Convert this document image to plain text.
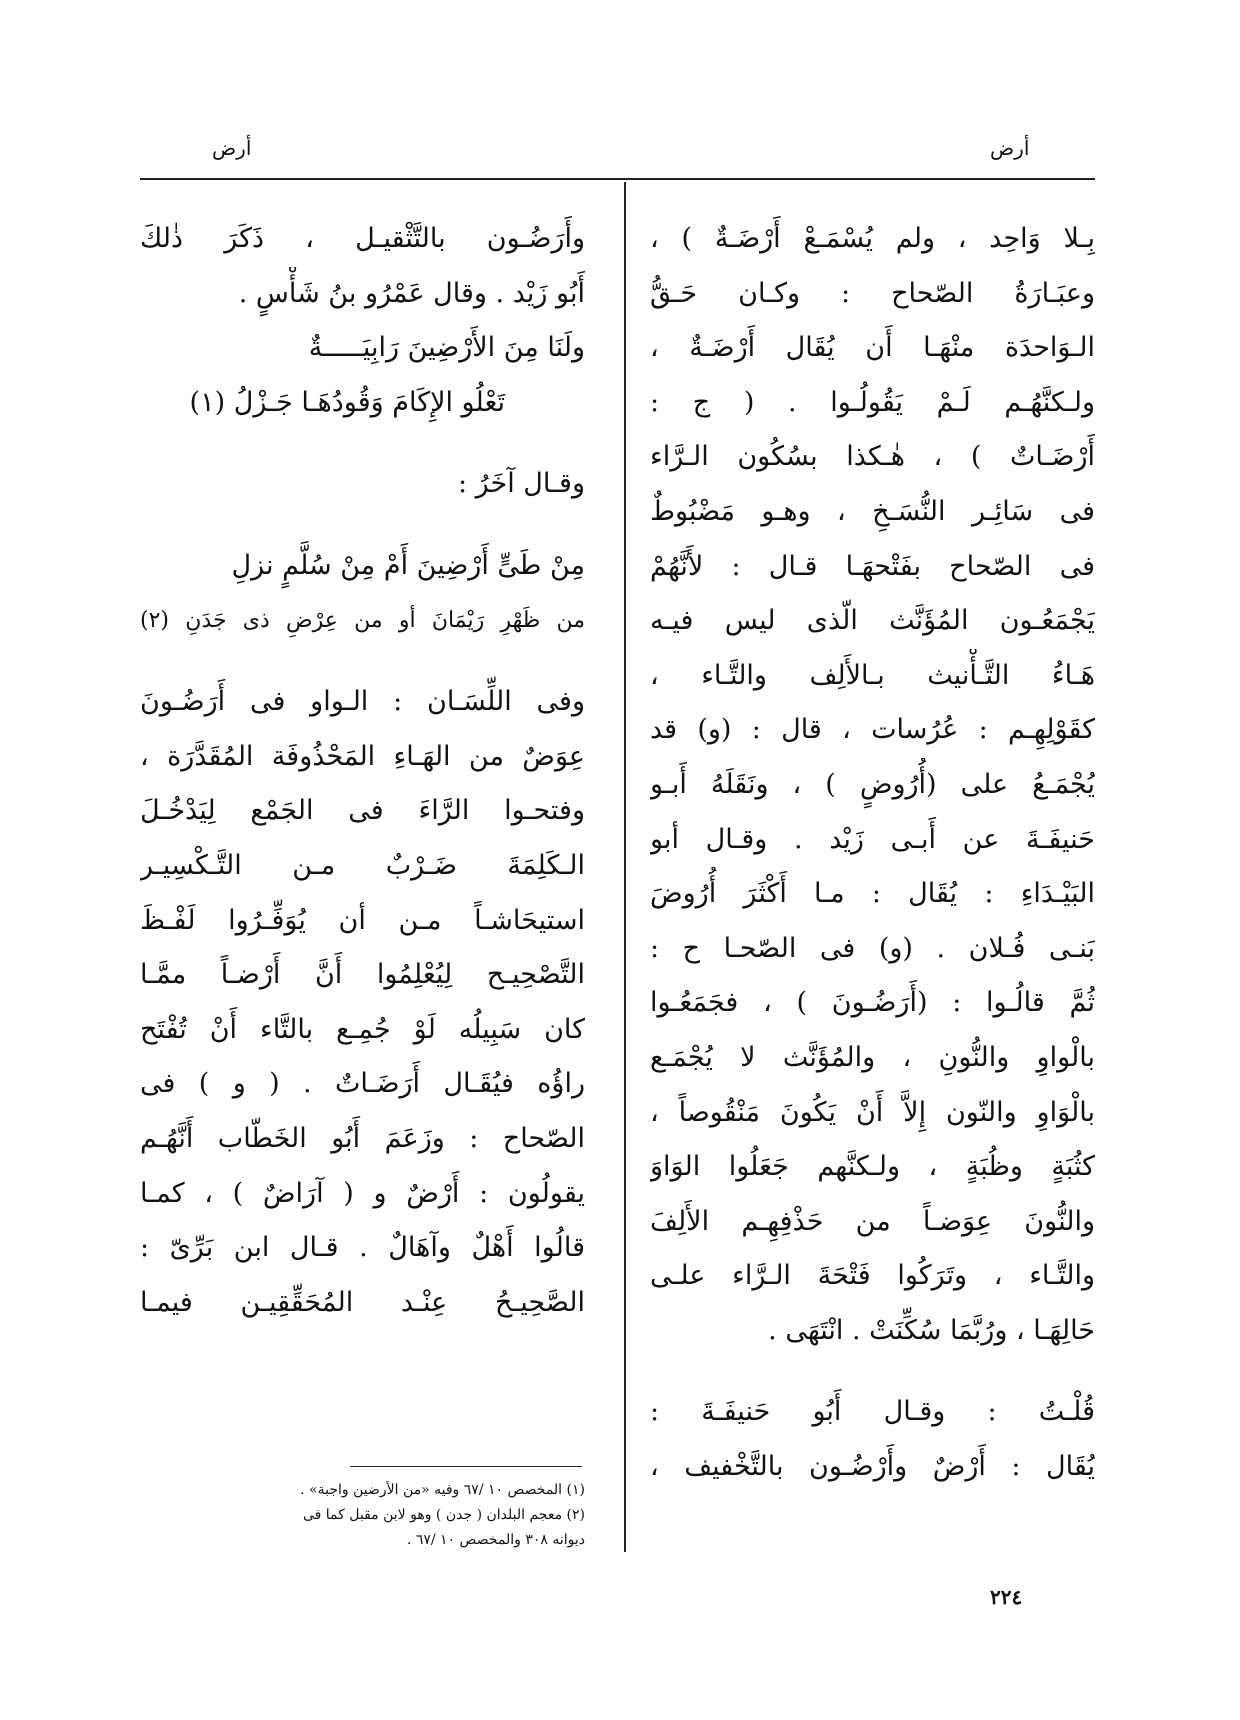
أرض
أرض
بِـلا وَاحِد ، ولم يُسْمَـعْ أَرْضَـةٌ ) ،
وعبَـارَةُ الصّحاح : وكـان حَـقُّ
الـوَاحدَة منْهَـا أَن يُقَال أَرْضَـةٌ ،
ولـكنَّهُـم لَـمْ يَقُولُـوا . ( ج :
أَرْضَـاتٌ ) ، هٰـكذا بسُكُون الـرَّاء
فى سَائِـر النُّسَـخِ ، وهـو مَضْبُوطٌ
فى الصّحاح بفَتْحهَـا قـال : لأَنَّهُمْ
يَجْمَعُـون المُؤَنَّث الّذى ليس فيـه
هَـاءُ التَّـأْنيث بـالأَلِف والتَّـاء ،
كقَوْلِهِـم : عُرُسات ، قال : (و) قد
يُجْمَـعُ على (أُرُوضٍ ) ، ونَقَلَهُ أَبـو
حَنيفَـةَ عن أَبـى زَيْد . وقـال أبو
البَيْـدَاءِ : يُقَال : مـا أَكْثَرَ أُرُوضَ
بَنـى فُـلان . (و) فى الصّحـا ح :
ثُمَّ قالُـوا : (أَرَضُـونَ ) ، فجَمَعُـوا
بالْواوِ والنُّونِ ، والمُؤَنَّث لا يُجْمَـع
بالْوَاوِ والنّون إِلاَّ أَنْ يَكُونَ مَنْقُوصاً ،
كثُبَةٍ وظُبَةٍ ، ولـكنَّهم جَعَلُوا الوَاوَ
والنُّونَ عِوَضـاً من حَذْفِهِـم الأَلِفَ
والتَّـاء ، وتَرَكُوا فَتْحَةَ الـرَّاء علـى
حَالِهَـا ، ورُبَّمَا سُكِّنَتْ . انْتَهَى .
قُلْـتُ : وقـال أَبُو حَنيفَـةَ :
يُقَال : أَرْضٌ وأَرْضُـون بالتَّخْفيف ،
وأَرَضُـون بالتَّثْقيـل ، ذَكَرَ ذٰلكَ
أَبُو زَيْد . وقال عَمْرُو بنُ شَأْسٍ .
ولَنَا مِنَ الأَرْضِينَ رَابِيَـــــةٌ
تَعْلُو الإِكَامَ وَقُودُهَـا جَـزْلُ (١)
وقـال آخَرُ :
مِنْ طَىٍّ أَرْضِينَ أَمْ مِنْ سُلَّمٍ نزلِ
من ظَهْرِ رَيْمَانَ أو من عِرْضِ ذى جَدَنِ (٢)
وفى اللِّسَـان : الـواو فى أَرَضُـونَ
عِوَضٌ من الهَـاءِ المَحْذُوفَة المُقَدَّرَة ،
وفتحـوا الرَّاءَ فى الجَمْع لِيَدْخُـلَ
الـكَلِمَةَ ضَـرْبٌ مـن التَّـكْسِيـر
استيحَاشـاً مـن أن يُوَفِّـرُوا لَفْـظَ
التَّصْحِيـح لِيُعْلِمُوا أَنَّ أَرْضـاً ممَّـا
كان سَبِيلُه لَوْ جُمِـع بالتَّاء أَنْ تُفْتَح
راؤُه فيُقَـال أَرَضَـاتٌ . ( و ) فى
الصّحاح : وزَعَمَ أَبُو الخَطّاب أَنَّهُـم
يقولُون : أَرْضٌ و ( آرَاضٌ ) ، كمـا
قالُوا أَهْلٌ وآهَالٌ . قـال ابن بَرِّىّ :
الصَّحِيـحُ عِنْـد المُحَقِّقِيـن فيمـا
(١) المخصص ١٠ /٦٧ وفيه «من الأرضين واجبة» .
(٢) معجم البلدان ( جدن ) وهو لابن مقبل كما فى
ديوانه ٣٠٨ والمخصص ١٠ /٦٧ .
٢٢٤
